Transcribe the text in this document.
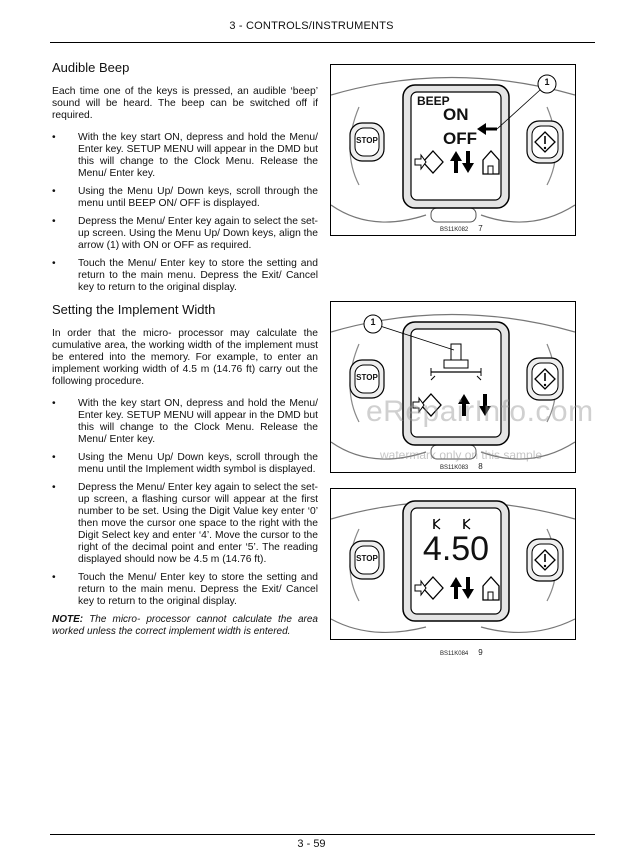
3 - CONTROLS/INSTRUMENTS
Audible Beep

Each time one of the keys is pressed, an audible ‘beep’ sound will be heard. The beep can be switched off if required.

• With the key start ON, depress and hold the Menu/ Enter key. SETUP MENU will appear in the DMD but this will change to the Clock Menu. Release the Menu/ Enter key.
• Using the Menu Up/ Down keys, scroll through the menu until BEEP ON/ OFF is displayed.
• Depress the Menu/ Enter key again to select the set-up screen. Using the Menu Up/ Down keys, align the arrow (1) with ON or OFF as required.
• Touch the Menu/ Enter key to store the setting and return to the main menu. Depress the Exit/ Cancel key to return to the original display.
Setting the Implement Width

In order that the micro- processor may calculate the cumulative area, the working width of the implement must be entered into the memory. For example, to enter an implement working width of 4.5 m (14.76 ft) carry out the following procedure.

• With the key start ON, depress and hold the Menu/ Enter key. SETUP MENU will appear in the DMD but this will change to the Clock Menu. Release the Menu/ Enter key.
• Using the Menu Up/ Down keys, scroll through the menu until the Implement width symbol is displayed.
• Depress the Menu/ Enter key again to select the set-up screen, a flashing cursor will appear at the first number to be set. Using the Digit Value key enter ‘0’ then move the cursor one space to the right with the Digit Select key and enter ‘4’. Move the cursor to the right of the decimal point and enter ‘5’. The reading displayed should now be 4.5 m (14.76 ft).
• Touch the Menu/ Enter key to store the setting and return to the main menu. Depress the Exit/ Cancel key to return to the original display.

NOTE: The micro- processor cannot calculate the area worked unless the correct implement width is entered.

STOP
BEEP
ON
OFF
1
BS11K082 7
STOP
1
BS11K083 8
STOP 4.50
BS11K084 9
eRepairInfo.com
watermark only on this sample
3 - 59
